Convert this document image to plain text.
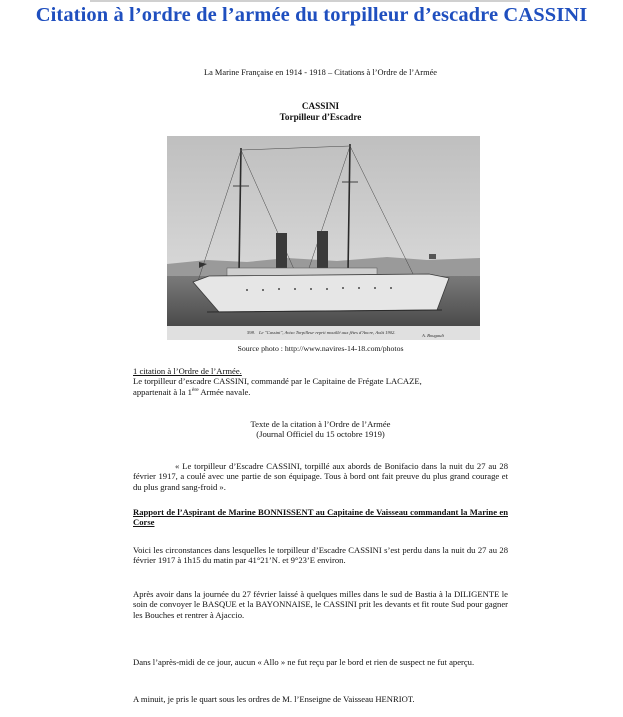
Citation à l’ordre de l’armée du torpilleur d’escadre CASSINI
La Marine Française en 1914 - 1918 – Citations à l’Ordre de l’Armée
CASSINI
Torpilleur d’Escadre
598. Le "Cassini", Aviso Torpilleur reprit mouillé aux fêtes d'Ancre, Août 1902.
A. Bougault
Source photo : http://www.navires-14-18.com/photos
1 citation à l’Ordre de l’Armée.
Le torpilleur d’escadre CASSINI, commandé par le Capitaine de Frégate LACAZE,
appartenait à la 1ère Armée navale.
Texte de la citation à l’Ordre de l’Armée
(Journal Officiel du 15 octobre 1919)
« Le torpilleur d’Escadre CASSINI, torpillé aux abords de Bonifacio dans la nuit du 27 au 28 février 1917, a coulé avec une partie de son équipage. Tous à bord ont fait preuve du plus grand courage et du plus grand sang-froid ».
Rapport de l’Aspirant de Marine BONNISSENT au Capitaine de Vaisseau commandant la Marine en Corse
Voici les circonstances dans lesquelles le torpilleur d’Escadre CASSINI s’est perdu dans la nuit du 27 au 28 février 1917 à 1h15 du matin par 41°21’N. et 9°23’E environ.
Après avoir dans la journée du 27 février laissé à quelques milles dans le sud de Bastia à la DILIGENTE le soin de convoyer le BASQUE et la BAYONNAISE, le CASSINI prit les devants et fit route Sud pour gagner les Bouches et rentrer à Ajaccio.
Dans l’après-midi de ce jour, aucun « Allo » ne fut reçu par le bord et rien de suspect ne fut aperçu.
A minuit, je pris le quart sous les ordres de M. l’Enseigne de Vaisseau HENRIOT.
